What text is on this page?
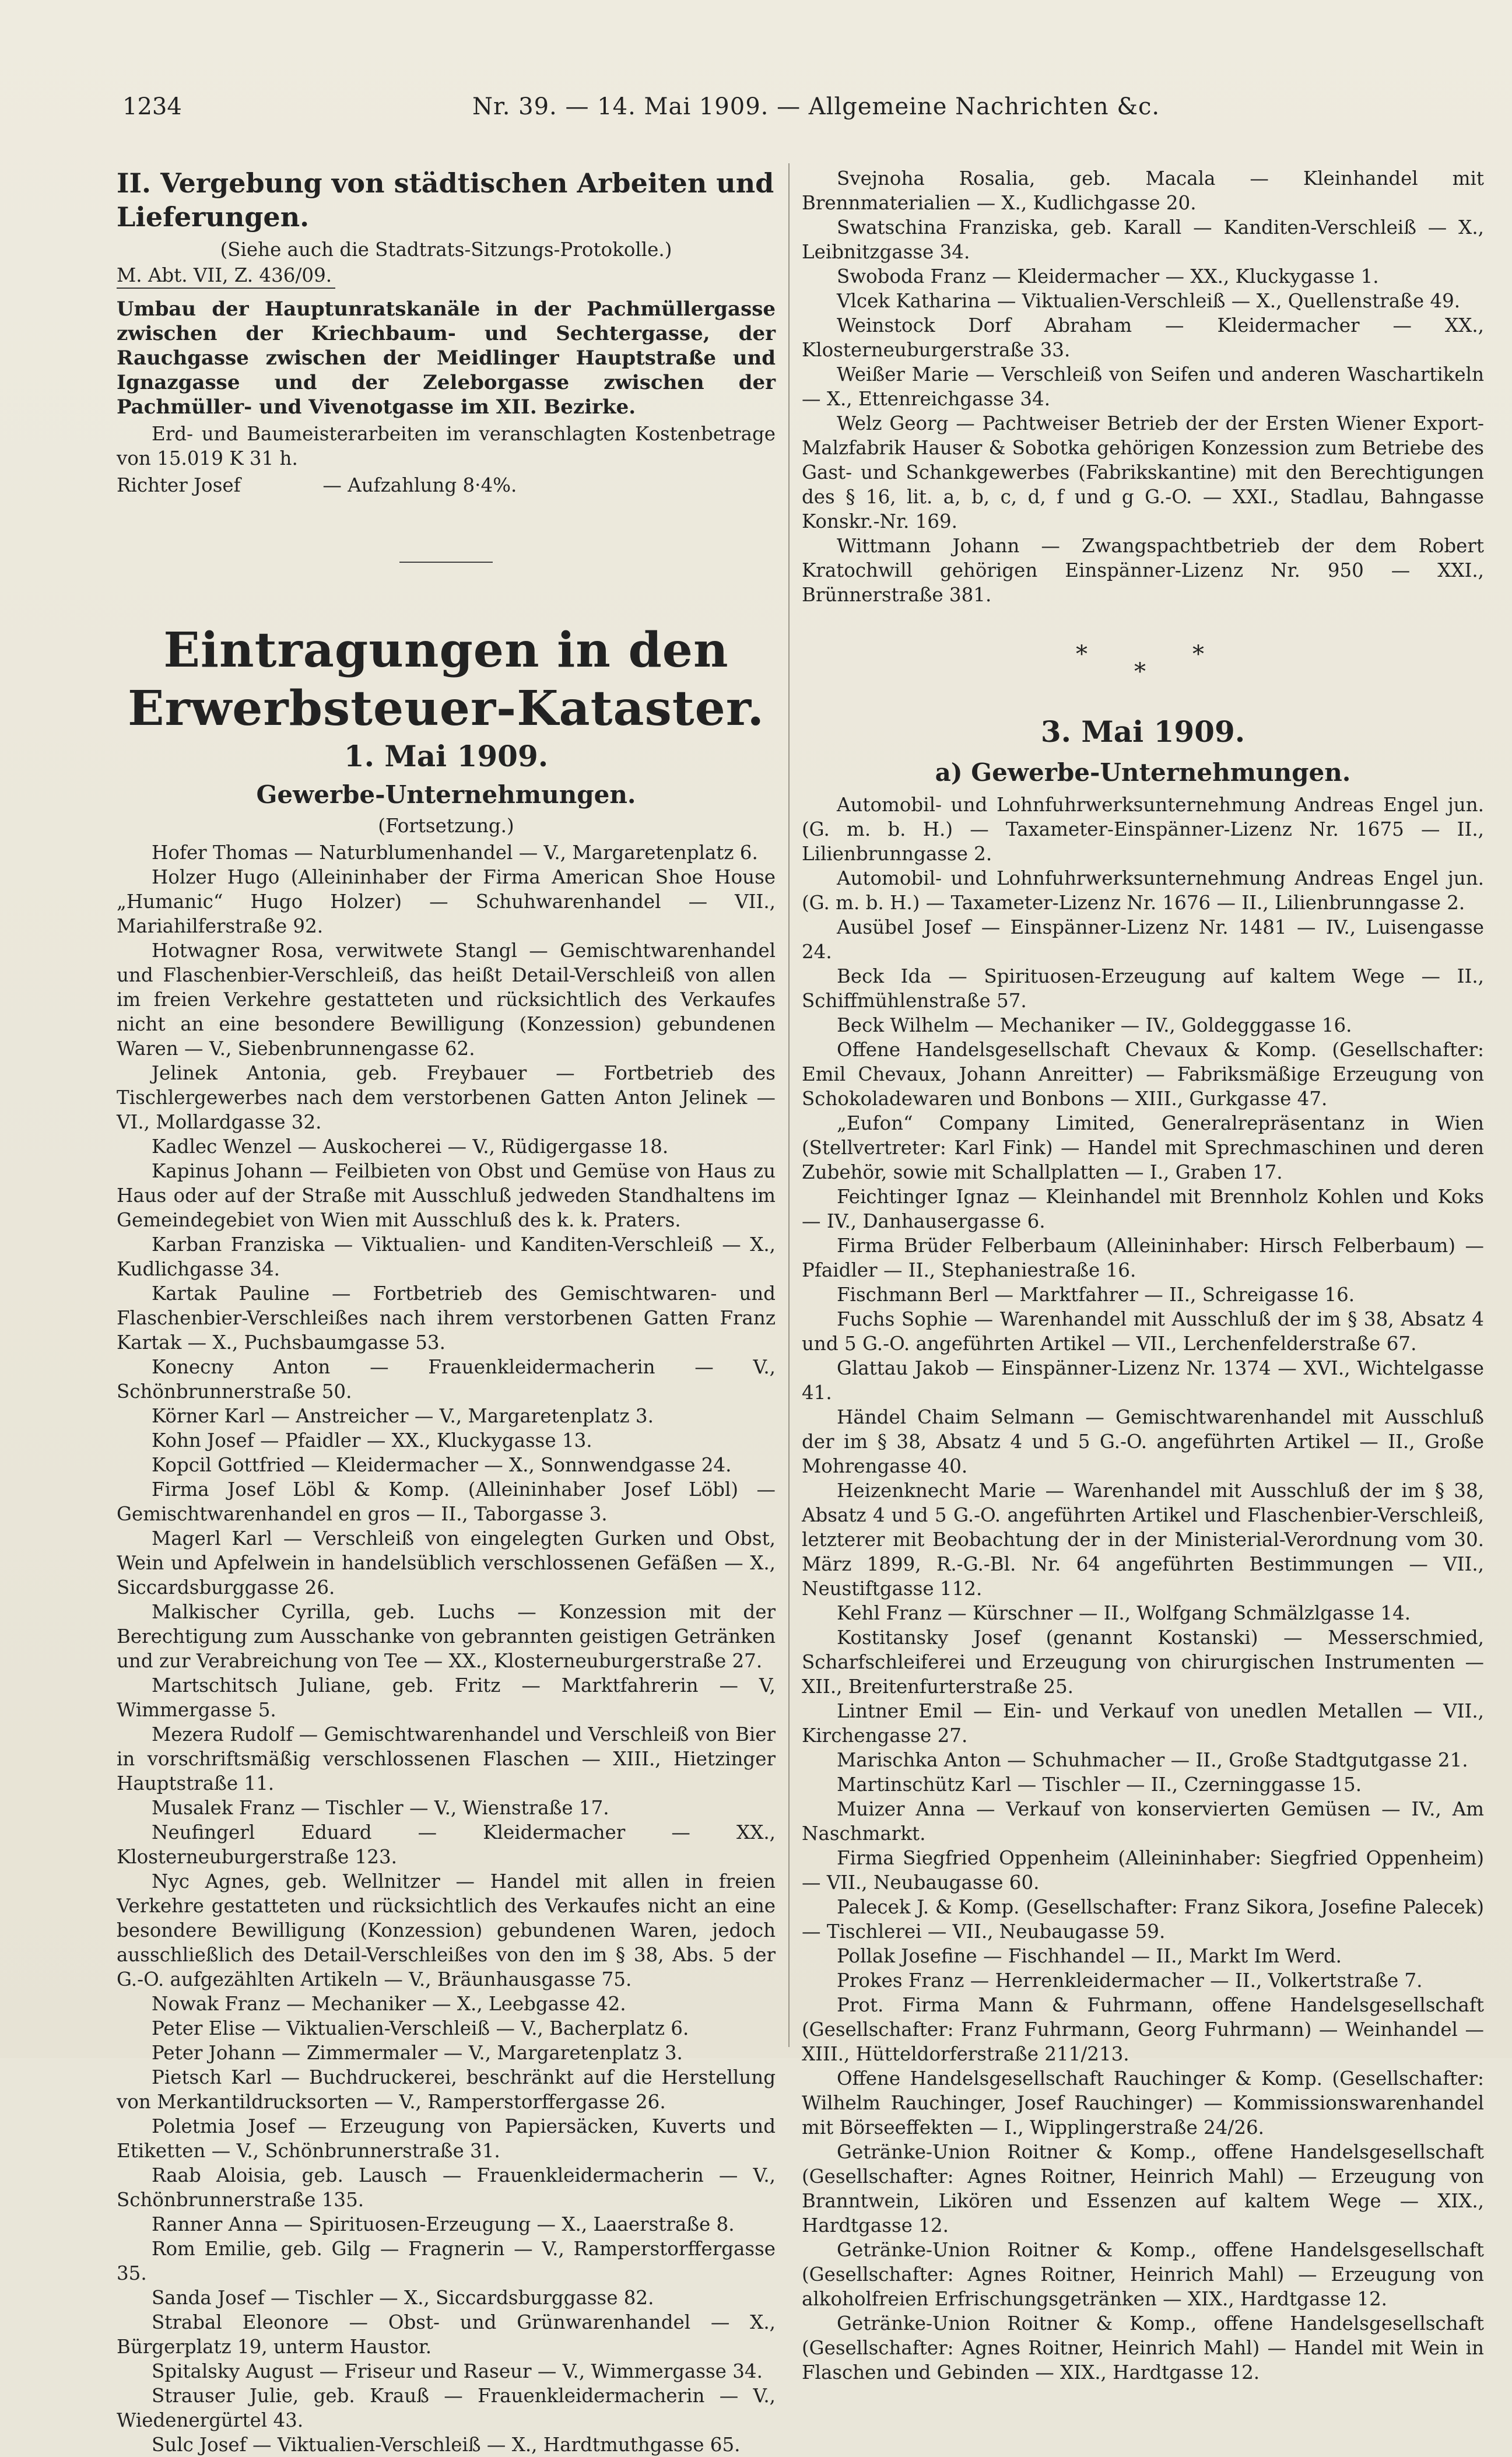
1234	Nr. 39. — 14. Mai 1909. — Allgemeine Nachrichten &c.
II. Vergebung von städtischen Arbeiten und Lieferungen.

(Siehe auch die Stadtrats-Sitzungs-Protokolle.)

M. Abt. VII, Z. 436/09.

Umbau der Hauptunratskanäle in der Pachmüllergasse zwischen der Kriechbaum- und Sechtergasse, der Rauchgasse zwischen der Meidlinger Hauptstraße und Ignazgasse und der Zeleborgasse zwischen der Pachmüller- und Vivenotgasse im XII. Bezirke.

Erd- und Baumeisterarbeiten im veranschlagten Kostenbetrage von 15.019 K 31 h.

Richter Josef	— Aufzahlung 8·4%.

Eintragungen in den Erwerbsteuer-Kataster.
1. Mai 1909.
Gewerbe-Unternehmungen.

(Fortsetzung.)

Hofer Thomas — Naturblumenhandel — V., Margaretenplatz 6.

Holzer Hugo (Alleininhaber der Firma American Shoe House „Humanic“ Hugo Holzer) — Schuhwarenhandel — VII., Mariahilferstraße 92.

Hotwagner Rosa, verwitwete Stangl — Gemischtwarenhandel und Flaschenbier-Verschleiß, das heißt Detail-Verschleiß von allen im freien Verkehre gestatteten und rücksichtlich des Verkaufes nicht an eine besondere Bewilligung (Konzession) gebundenen Waren — V., Siebenbrunnengasse 62.

Jelinek Antonia, geb. Freybauer — Fortbetrieb des Tischlergewerbes nach dem verstorbenen Gatten Anton Jelinek — VI., Mollardgasse 32.

Kadlec Wenzel — Auskocherei — V., Rüdigergasse 18.

Kapinus Johann — Feilbieten von Obst und Gemüse von Haus zu Haus oder auf der Straße mit Ausschluß jedweden Standhaltens im Gemeindegebiet von Wien mit Ausschluß des k. k. Praters.

Karban Franziska — Viktualien- und Kanditen-Verschleiß — X., Kudlichgasse 34.

Kartak Pauline — Fortbetrieb des Gemischtwaren- und Flaschenbier-Verschleißes nach ihrem verstorbenen Gatten Franz Kartak — X., Puchsbaumgasse 53.

Konecny Anton — Frauenkleidermacherin — V., Schönbrunnerstraße 50.

Körner Karl — Anstreicher — V., Margaretenplatz 3.

Kohn Josef — Pfaidler — XX., Kluckygasse 13.

Kopcil Gottfried — Kleidermacher — X., Sonnwendgasse 24.

Firma Josef Löbl & Komp. (Alleininhaber Josef Löbl) — Gemischtwarenhandel en gros — II., Taborgasse 3.

Magerl Karl — Verschleiß von eingelegten Gurken und Obst, Wein und Apfelwein in handelsüblich verschlossenen Gefäßen — X., Siccardsburggasse 26.

Malkischer Cyrilla, geb. Luchs — Konzession mit der Berechtigung zum Ausschanke von gebrannten geistigen Getränken und zur Verabreichung von Tee — XX., Klosterneuburgerstraße 27.

Martschitsch Juliane, geb. Fritz — Marktfahrerin — V, Wimmergasse 5.

Mezera Rudolf — Gemischtwarenhandel und Verschleiß von Bier in vorschriftsmäßig verschlossenen Flaschen — XIII., Hietzinger Hauptstraße 11.

Musalek Franz — Tischler — V., Wienstraße 17.

Neufingerl Eduard — Kleidermacher — XX., Klosterneuburgerstraße 123.

Nyc Agnes, geb. Wellnitzer — Handel mit allen in freien Verkehre gestatteten und rücksichtlich des Verkaufes nicht an eine besondere Bewilligung (Konzession) gebundenen Waren, jedoch ausschließlich des Detail-Verschleißes von den im § 38, Abs. 5 der G.-O. aufgezählten Artikeln — V., Bräunhausgasse 75.

Nowak Franz — Mechaniker — X., Leebgasse 42.

Peter Elise — Viktualien-Verschleiß — V., Bacherplatz 6.

Peter Johann — Zimmermaler — V., Margaretenplatz 3.

Pietsch Karl — Buchdruckerei, beschränkt auf die Herstellung von Merkantildrucksorten — V., Ramperstorffergasse 26.

Poletmia Josef — Erzeugung von Papiersäcken, Kuverts und Etiketten — V., Schönbrunnerstraße 31.

Raab Aloisia, geb. Lausch — Frauenkleidermacherin — V., Schönbrunnerstraße 135.

Ranner Anna — Spirituosen-Erzeugung — X., Laaerstraße 8.

Rom Emilie, geb. Gilg — Fragnerin — V., Ramperstorffergasse 35.

Sanda Josef — Tischler — X., Siccardsburggasse 82.

Strabal Eleonore — Obst- und Grünwarenhandel — X., Bürgerplatz 19, unterm Haustor.

Spitalsky August — Friseur und Raseur — V., Wimmergasse 34.

Strauser Julie, geb. Krauß — Frauenkleidermacherin — V., Wiedenergürtel 43.

Sulc Josef — Viktualien-Verschleiß — X., Hardtmuthgasse 65.

Svejnoha Rosalia, geb. Macala — Kleinhandel mit Brennmaterialien — X., Kudlichgasse 20.

Swatschina Franziska, geb. Karall — Kanditen-Verschleiß — X., Leibnitzgasse 34.

Swoboda Franz — Kleidermacher — XX., Kluckygasse 1.

Vlcek Katharina — Viktualien-Verschleiß — X., Quellenstraße 49.

Weinstock Dorf Abraham — Kleidermacher — XX., Klosterneuburgerstraße 33.

Weißer Marie — Verschleiß von Seifen und anderen Waschartikeln — X., Ettenreichgasse 34.

Welz Georg — Pachtweiser Betrieb der der Ersten Wiener Export-Malzfabrik Hauser & Sobotka gehörigen Konzession zum Betriebe des Gast- und Schankgewerbes (Fabrikskantine) mit den Berechtigungen des § 16, lit. a, b, c, d, f und g G.-O. — XXI., Stadlau, Bahngasse Konskr.-Nr. 169.

Wittmann Johann — Zwangspachtbetrieb der dem Robert Kratochwill gehörigen Einspänner-Lizenz Nr. 950 — XXI., Brünnerstraße 381.

*
*
*
3. Mai 1909.
a) Gewerbe-Unternehmungen.

Automobil- und Lohnfuhrwerksunternehmung Andreas Engel jun. (G. m. b. H.) — Taxameter-Einspänner-Lizenz Nr. 1675 — II., Lilienbrunngasse 2.

Automobil- und Lohnfuhrwerksunternehmung Andreas Engel jun. (G. m. b. H.) — Taxameter-Lizenz Nr. 1676 — II., Lilienbrunngasse 2.

Ausübel Josef — Einspänner-Lizenz Nr. 1481 — IV., Luisengasse 24.

Beck Ida — Spirituosen-Erzeugung auf kaltem Wege — II., Schiffmühlenstraße 57.

Beck Wilhelm — Mechaniker — IV., Goldegggasse 16.

Offene Handelsgesellschaft Chevaux & Komp. (Gesellschafter: Emil Chevaux, Johann Anreitter) — Fabriksmäßige Erzeugung von Schokoladewaren und Bonbons — XIII., Gurkgasse 47.

„Eufon“ Company Limited, Generalrepräsentanz in Wien (Stellvertreter: Karl Fink) — Handel mit Sprechmaschinen und deren Zubehör, sowie mit Schallplatten — I., Graben 17.

Feichtinger Ignaz — Kleinhandel mit Brennholz Kohlen und Koks — IV., Danhausergasse 6.

Firma Brüder Felberbaum (Alleininhaber: Hirsch Felberbaum) — Pfaidler — II., Stephaniestraße 16.

Fischmann Berl — Marktfahrer — II., Schreigasse 16.

Fuchs Sophie — Warenhandel mit Ausschluß der im § 38, Absatz 4 und 5 G.-O. angeführten Artikel — VII., Lerchenfelderstraße 67.

Glattau Jakob — Einspänner-Lizenz Nr. 1374 — XVI., Wichtelgasse 41.

Händel Chaim Selmann — Gemischtwarenhandel mit Ausschluß der im § 38, Absatz 4 und 5 G.-O. angeführten Artikel — II., Große Mohrengasse 40.

Heizenknecht Marie — Warenhandel mit Ausschluß der im § 38, Absatz 4 und 5 G.-O. angeführten Artikel und Flaschenbier-Verschleiß, letzterer mit Beobachtung der in der Ministerial-Verordnung vom 30. März 1899, R.-G.-Bl. Nr. 64 angeführten Bestimmungen — VII., Neustiftgasse 112.

Kehl Franz — Kürschner — II., Wolfgang Schmälzlgasse 14.

Kostitansky Josef (genannt Kostanski) — Messerschmied, Scharfschleiferei und Erzeugung von chirurgischen Instrumenten — XII., Breitenfurterstraße 25.

Lintner Emil — Ein- und Verkauf von unedlen Metallen — VII., Kirchengasse 27.

Marischka Anton — Schuhmacher — II., Große Stadtgutgasse 21.

Martinschütz Karl — Tischler — II., Czerninggasse 15.

Muizer Anna — Verkauf von konservierten Gemüsen — IV., Am Naschmarkt.

Firma Siegfried Oppenheim (Alleininhaber: Siegfried Oppenheim) — VII., Neubaugasse 60.

Palecek J. & Komp. (Gesellschafter: Franz Sikora, Josefine Palecek) — Tischlerei — VII., Neubaugasse 59.

Pollak Josefine — Fischhandel — II., Markt Im Werd.

Prokes Franz — Herrenkleidermacher — II., Volkertstraße 7.

Prot. Firma Mann & Fuhrmann, offene Handelsgesellschaft (Gesellschafter: Franz Fuhrmann, Georg Fuhrmann) — Weinhandel — XIII., Hütteldorferstraße 211/213.

Offene Handelsgesellschaft Rauchinger & Komp. (Gesellschafter: Wilhelm Rauchinger, Josef Rauchinger) — Kommissionswarenhandel mit Börseeffekten — I., Wipplingerstraße 24/26.

Getränke-Union Roitner & Komp., offene Handelsgesellschaft (Gesellschafter: Agnes Roitner, Heinrich Mahl) — Erzeugung von Branntwein, Likören und Essenzen auf kaltem Wege — XIX., Hardtgasse 12.

Getränke-Union Roitner & Komp., offene Handelsgesellschaft (Gesellschafter: Agnes Roitner, Heinrich Mahl) — Erzeugung von alkoholfreien Erfrischungsgetränken — XIX., Hardtgasse 12.

Getränke-Union Roitner & Komp., offene Handelsgesellschaft (Gesellschafter: Agnes Roitner, Heinrich Mahl) — Handel mit Wein in Flaschen und Gebinden — XIX., Hardtgasse 12.
